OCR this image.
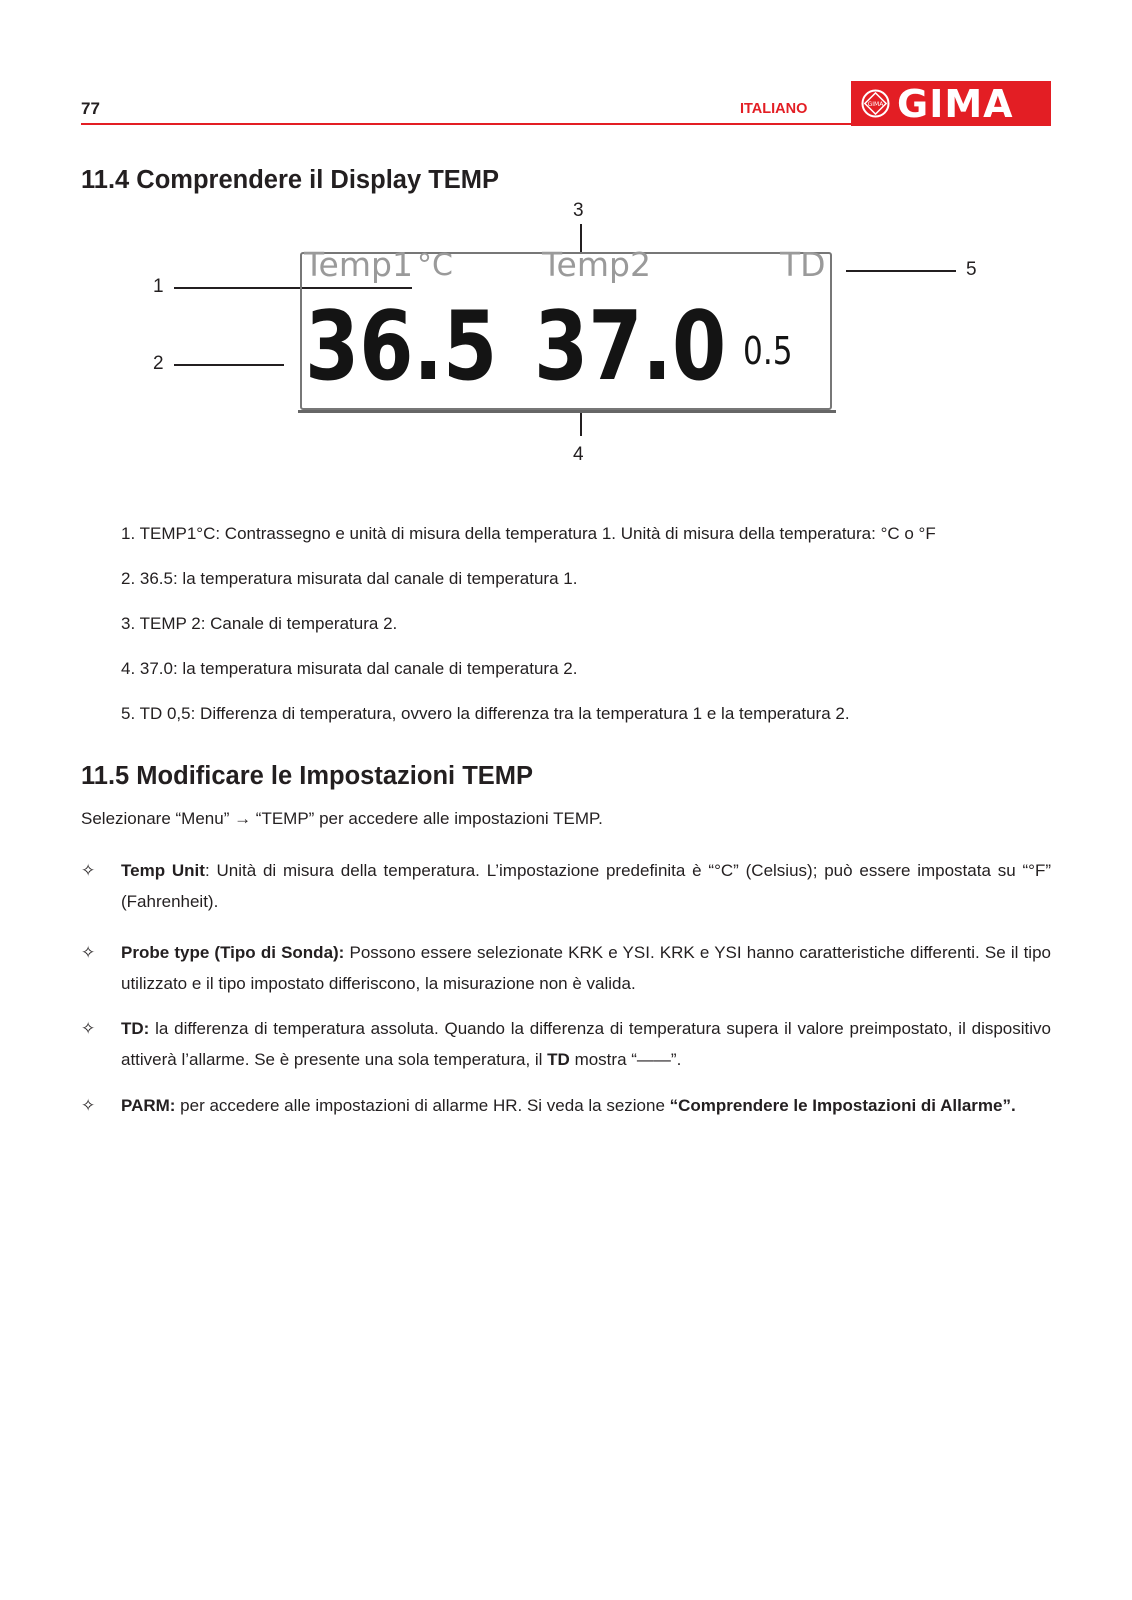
77	ITALIANO	GIMA GIMA
11.4 Comprendere il Display TEMP
3
5
1
2
4
Temp1 °C	Temp2	TD
36.5 37.0 0.5
1. TEMP1°C: Contrassegno e unità di misura della temperatura 1. Unità di misura della temperatura: °C o °F
2. 36.5: la temperatura misurata dal canale di temperatura 1.
3. TEMP 2: Canale di temperatura 2.
4. 37.0: la temperatura misurata dal canale di temperatura 2.
5. TD 0,5: Differenza di temperatura, ovvero la differenza tra la temperatura 1 e la temperatura 2.
11.5 Modificare le Impostazioni TEMP
Selezionare “Menu” → “TEMP” per accedere alle impostazioni TEMP.
✧ Temp Unit: Unità di misura della temperatura. L’impostazione predefinita è “°C” (Celsius); può essere impostata su “°F” (Fahrenheit).
✧ Probe type (Tipo di Sonda): Possono essere selezionate KRK e YSI. KRK e YSI hanno caratteristiche differenti. Se il tipo utilizzato e il tipo impostato differiscono, la misurazione non è valida.
✧ TD: la differenza di temperatura assoluta. Quando la differenza di temperatura supera il valore preimpostato, il dispositivo attiverà l’allarme. Se è presente una sola temperatura, il TD mostra “——”.
✧ PARM: per accedere alle impostazioni di allarme HR. Si veda la sezione “Comprendere le Impostazioni di Allarme”.
